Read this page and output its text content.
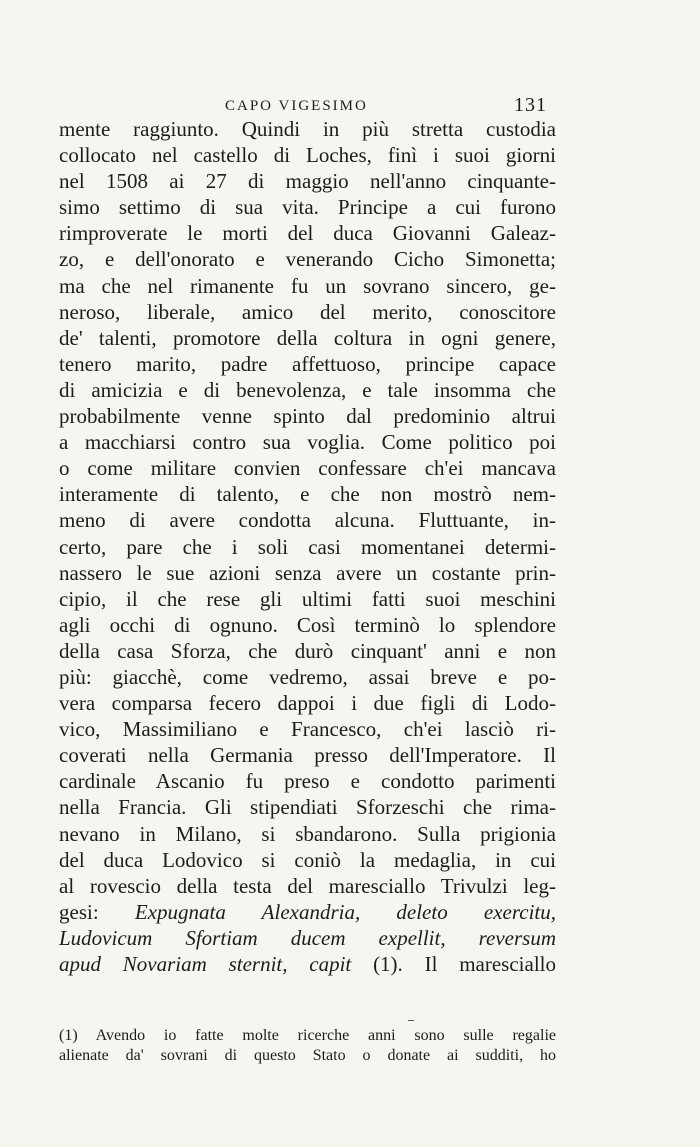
CAPO VIGESIMO	131
mente raggiunto. Quindi in più stretta custodia
collocato nel castello di Loches, finì i suoi giorni
nel 1508 ai 27 di maggio nell'anno cinquante-
simo settimo di sua vita. Principe a cui furono
rimproverate le morti del duca Giovanni Galeaz-
zo, e dell'onorato e venerando Cicho Simonetta;
ma che nel rimanente fu un sovrano sincero, ge-
neroso, liberale, amico del merito, conoscitore
de' talenti, promotore della coltura in ogni genere,
tenero marito, padre affettuoso, principe capace
di amicizia e di benevolenza, e tale insomma che
probabilmente venne spinto dal predominio altrui
a macchiarsi contro sua voglia. Come politico poi
o come militare convien confessare ch'ei mancava
interamente di talento, e che non mostrò nem-
meno di avere condotta alcuna. Fluttuante, in-
certo, pare che i soli casi momentanei determi-
nassero le sue azioni senza avere un costante prin-
cipio, il che rese gli ultimi fatti suoi meschini
agli occhi di ognuno. Così terminò lo splendore
della casa Sforza, che durò cinquant' anni e non
più: giacchè, come vedremo, assai breve e po-
vera comparsa fecero dappoi i due figli di Lodo-
vico, Massimiliano e Francesco, ch'ei lasciò ri-
coverati nella Germania presso dell'Imperatore. Il
cardinale Ascanio fu preso e condotto parimenti
nella Francia. Gli stipendiati Sforzeschi che rima-
nevano in Milano, si sbandarono. Sulla prigionia
del duca Lodovico si coniò la medaglia, in cui
al rovescio della testa del maresciallo Trivulzi leg-
gesi: Expugnata Alexandria, deleto exercitu,
Ludovicum Sfortiam ducem expellit, reversum
apud Novariam sternit, capit (1). Il maresciallo
(1) Avendo io fatte molte ricerche anni sono sulle regalie
alienate da' sovrani di questo Stato o donate ai sudditi, ho
